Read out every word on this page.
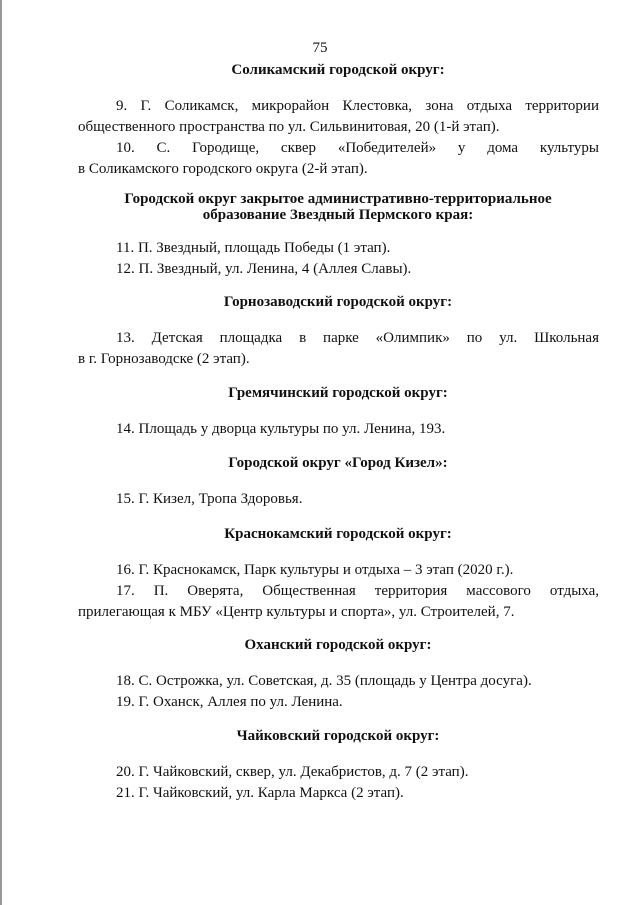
75
Соликамский городской округ:
9. Г. Соликамск, микрорайон Клестовка, зона отдыха территории
общественного пространства по ул. Сильвинитовая, 20 (1-й этап).
10. С. Городище, сквер «Победителей» у дома культуры
в Соликамского городского округа (2-й этап).
Городской округ закрытое административно-территориальное
образование Звездный Пермского края:
11. П. Звездный, площадь Победы (1 этап).
12. П. Звездный, ул. Ленина, 4 (Аллея Славы).
Горнозаводский городской округ:
13. Детская площадка в парке «Олимпик» по ул. Школьная
в г. Горнозаводске (2 этап).
Гремячинский городской округ:
14. Площадь у дворца культуры по ул. Ленина, 193.
Городской округ «Город Кизел»:
15. Г. Кизел, Тропа Здоровья.
Краснокамский городской округ:
16. Г. Краснокамск, Парк культуры и отдыха – 3 этап (2020 г.).
17. П. Оверята, Общественная территория массового отдыха,
прилегающая к МБУ «Центр культуры и спорта», ул. Строителей, 7.
Оханский городской округ:
18. С. Острожка, ул. Советская, д. 35 (площадь у Центра досуга).
19. Г. Оханск, Аллея по ул. Ленина.
Чайковский городской округ:
20. Г. Чайковский, сквер, ул. Декабристов, д. 7 (2 этап).
21. Г. Чайковский, ул. Карла Маркса (2 этап).
